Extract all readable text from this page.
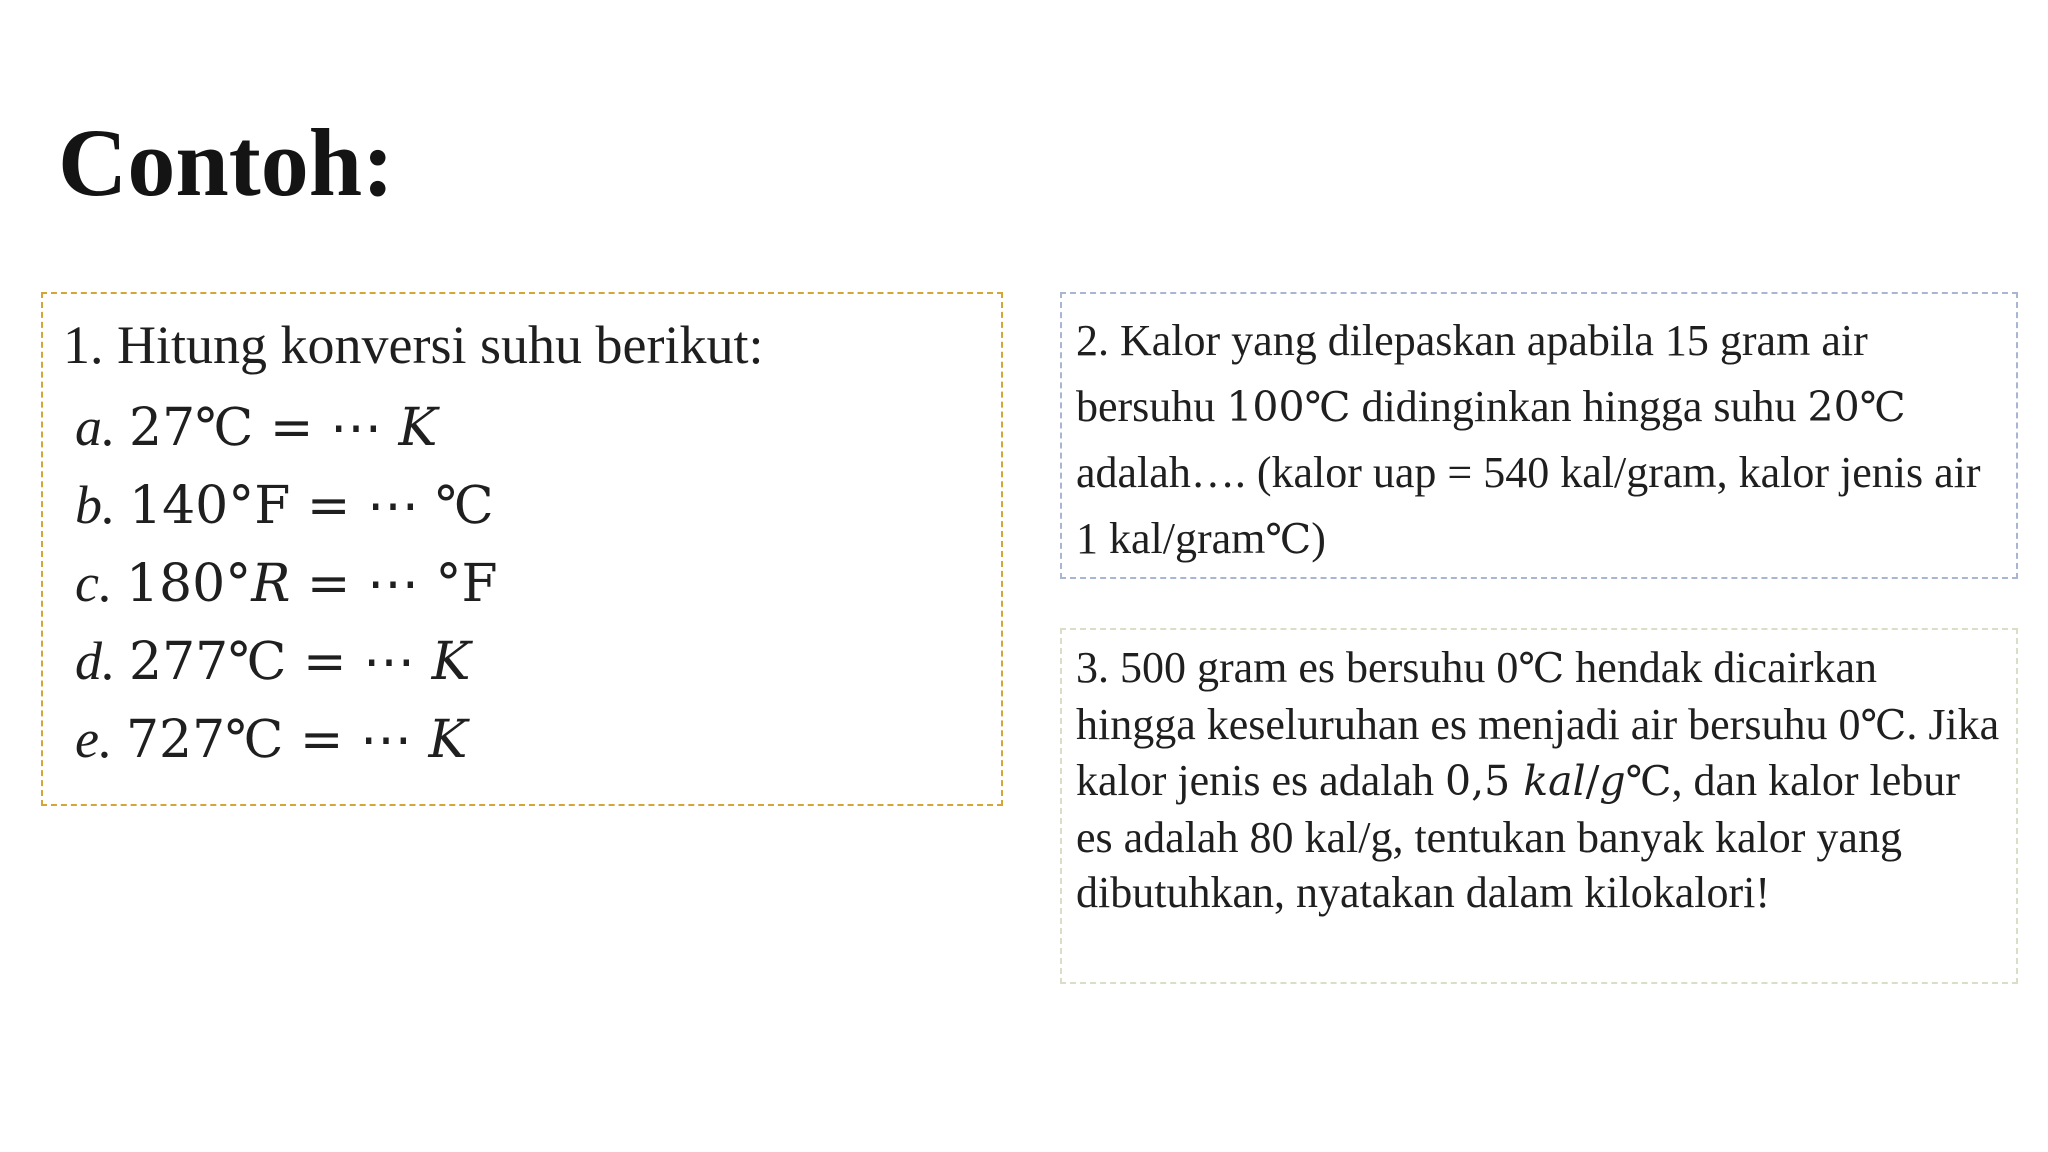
Contoh:
1. Hitung konversi suhu berikut:
a. 27℃ = ⋯ 𝐾
b. 140°F = ⋯ ℃
c. 180°𝑅 = ⋯ °F
d. 277℃ = ⋯ 𝐾
e. 727℃ = ⋯ 𝐾

2. Kalor yang dilepaskan apabila 15 gram air bersuhu 100℃ didinginkan hingga suhu 20℃ adalah…. (kalor uap = 540 kal/gram, kalor jenis air 1 kal/gram℃)

3. 500 gram es bersuhu 0℃ hendak dicairkan hingga keseluruhan es menjadi air bersuhu 0℃. Jika kalor jenis es adalah 0,5 𝑘𝑎𝑙/𝑔℃, dan kalor lebur es adalah 80 kal/g, tentukan banyak kalor yang dibutuhkan, nyatakan dalam kilokalori!
